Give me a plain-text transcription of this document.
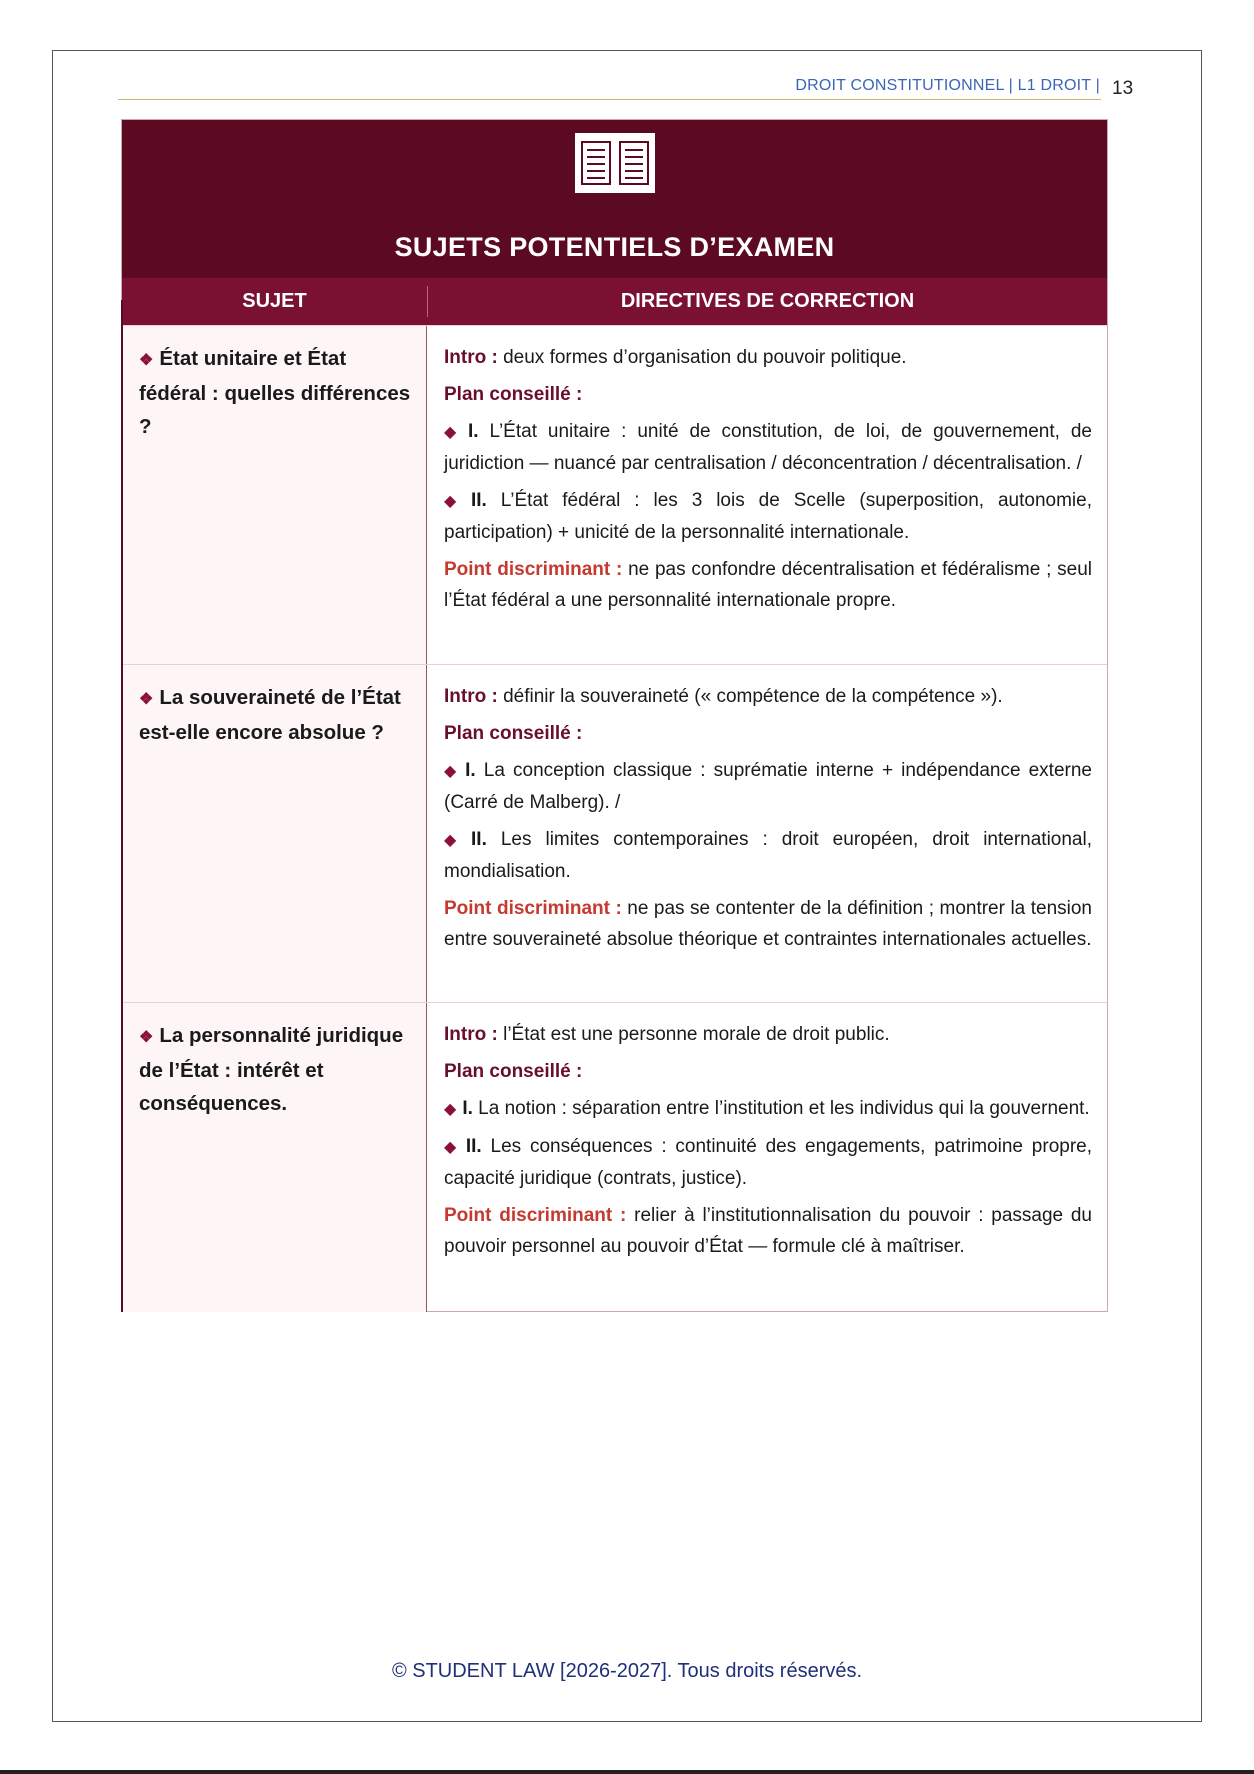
DROIT CONSTITUTIONNEL | L1 DROIT | 13
SUJETS POTENTIELS D’EXAMEN
SUJET	DIRECTIVES DE CORRECTION
❖ État unitaire et État fédéral : quelles différences ?

Intro : deux formes d’organisation du pouvoir politique.

Plan conseillé :

◆ I. L’État unitaire : unité de constitution, de loi, de gouvernement, de juridiction — nuancé par centralisation / déconcentration / décentralisation. /

◆ II. L’État fédéral : les 3 lois de Scelle (superposition, autonomie, participation) + unicité de la personnalité internationale.

Point discriminant : ne pas confondre décentralisation et fédéralisme ; seul l’État fédéral a une personnalité internationale propre.

❖ La souveraineté de l’État est-elle encore absolue ?

Intro : définir la souveraineté (« compétence de la compétence »).

Plan conseillé :

◆ I. La conception classique : suprématie interne + indépendance externe (Carré de Malberg). /

◆ II. Les limites contemporaines : droit européen, droit international, mondialisation.

Point discriminant : ne pas se contenter de la définition ; montrer la tension entre souveraineté absolue théorique et contraintes internationales actuelles.

❖ La personnalité juridique de l’État : intérêt et conséquences.

Intro : l’État est une personne morale de droit public.

Plan conseillé :

◆ I. La notion : séparation entre l’institution et les individus qui la gouvernent.

◆ II. Les conséquences : continuité des engagements, patrimoine propre, capacité juridique (contrats, justice).

Point discriminant : relier à l’institutionnalisation du pouvoir : passage du pouvoir personnel au pouvoir d’État — formule clé à maîtriser.

© STUDENT LAW [2026-2027]. Tous droits réservés.
